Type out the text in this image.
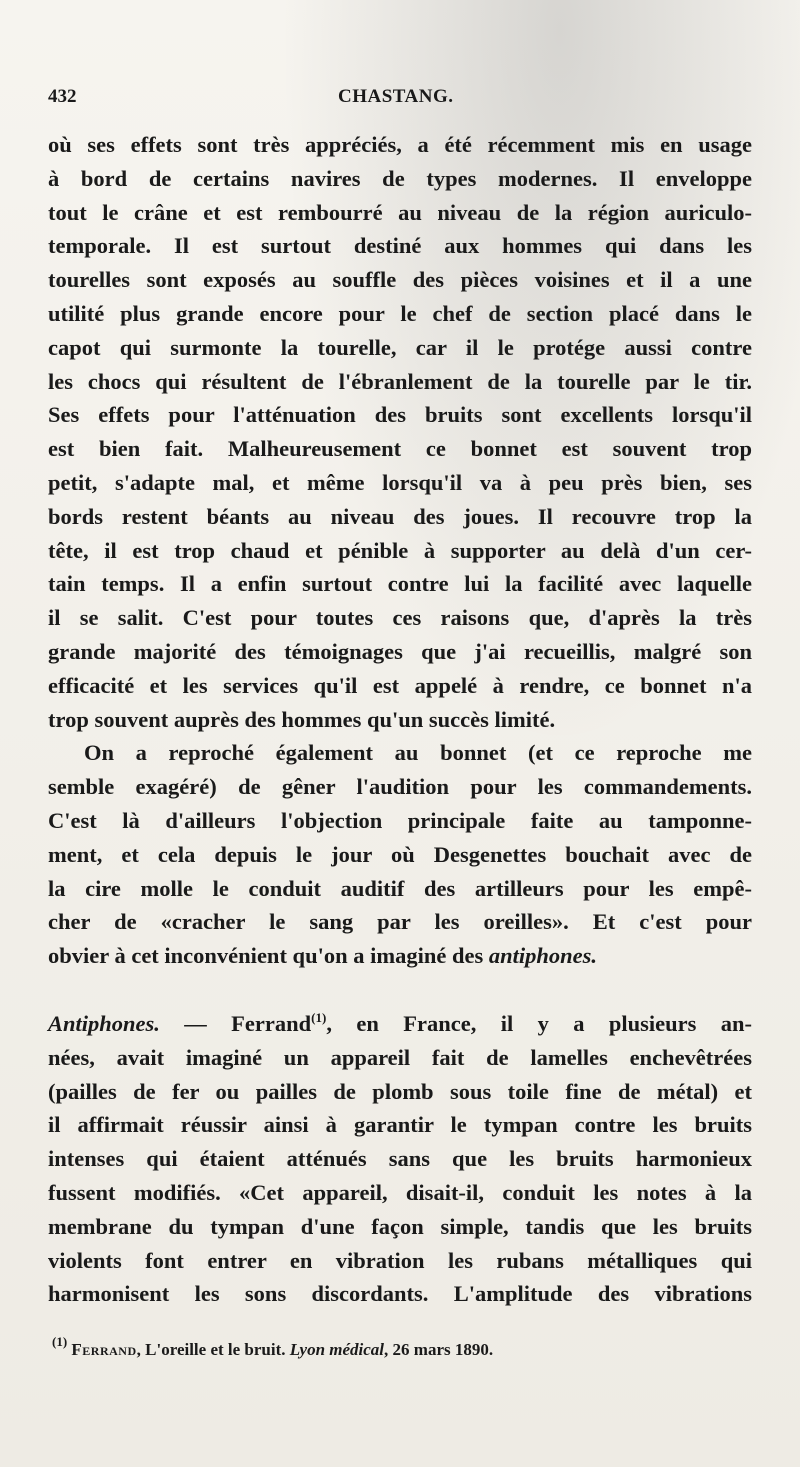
432	CHASTANG.
où ses effets sont très appréciés, a été récemment mis en usage
à bord de certains navires de types modernes. Il enveloppe
tout le crâne et est rembourré au niveau de la région auriculo-
temporale. Il est surtout destiné aux hommes qui dans les
tourelles sont exposés au souffle des pièces voisines et il a une
utilité plus grande encore pour le chef de section placé dans le
capot qui surmonte la tourelle, car il le protége aussi contre
les chocs qui résultent de l'ébranlement de la tourelle par le tir.
Ses effets pour l'atténuation des bruits sont excellents lorsqu'il
est bien fait. Malheureusement ce bonnet est souvent trop
petit, s'adapte mal, et même lorsqu'il va à peu près bien, ses
bords restent béants au niveau des joues. Il recouvre trop la
tête, il est trop chaud et pénible à supporter au delà d'un cer-
tain temps. Il a enfin surtout contre lui la facilité avec laquelle
il se salit. C'est pour toutes ces raisons que, d'après la très
grande majorité des témoignages que j'ai recueillis, malgré son
efficacité et les services qu'il est appelé à rendre, ce bonnet n'a
trop souvent auprès des hommes qu'un succès limité.
On a reproché également au bonnet (et ce reproche me
semble exagéré) de gêner l'audition pour les commandements.
C'est là d'ailleurs l'objection principale faite au tamponne-
ment, et cela depuis le jour où Desgenettes bouchait avec de
la cire molle le conduit auditif des artilleurs pour les empê-
cher de «cracher le sang par les oreilles». Et c'est pour
obvier à cet inconvénient qu'on a imaginé des antiphones.
Antiphones. — Ferrand$^{(1)}$, en France, il y a plusieurs an-
nées, avait imaginé un appareil fait de lamelles enchevêtrées
(pailles de fer ou pailles de plomb sous toile fine de métal) et
il affirmait réussir ainsi à garantir le tympan contre les bruits
intenses qui étaient atténués sans que les bruits harmonieux
fussent modifiés. «Cet appareil, disait-il, conduit les notes à la
membrane du tympan d'une façon simple, tandis que les bruits
violents font entrer en vibration les rubans métalliques qui
harmonisent les sons discordants. L'amplitude des vibrations
$^{(1)}$ Ferrand, L'oreille et le bruit. Lyon médical, 26 mars 1890.
